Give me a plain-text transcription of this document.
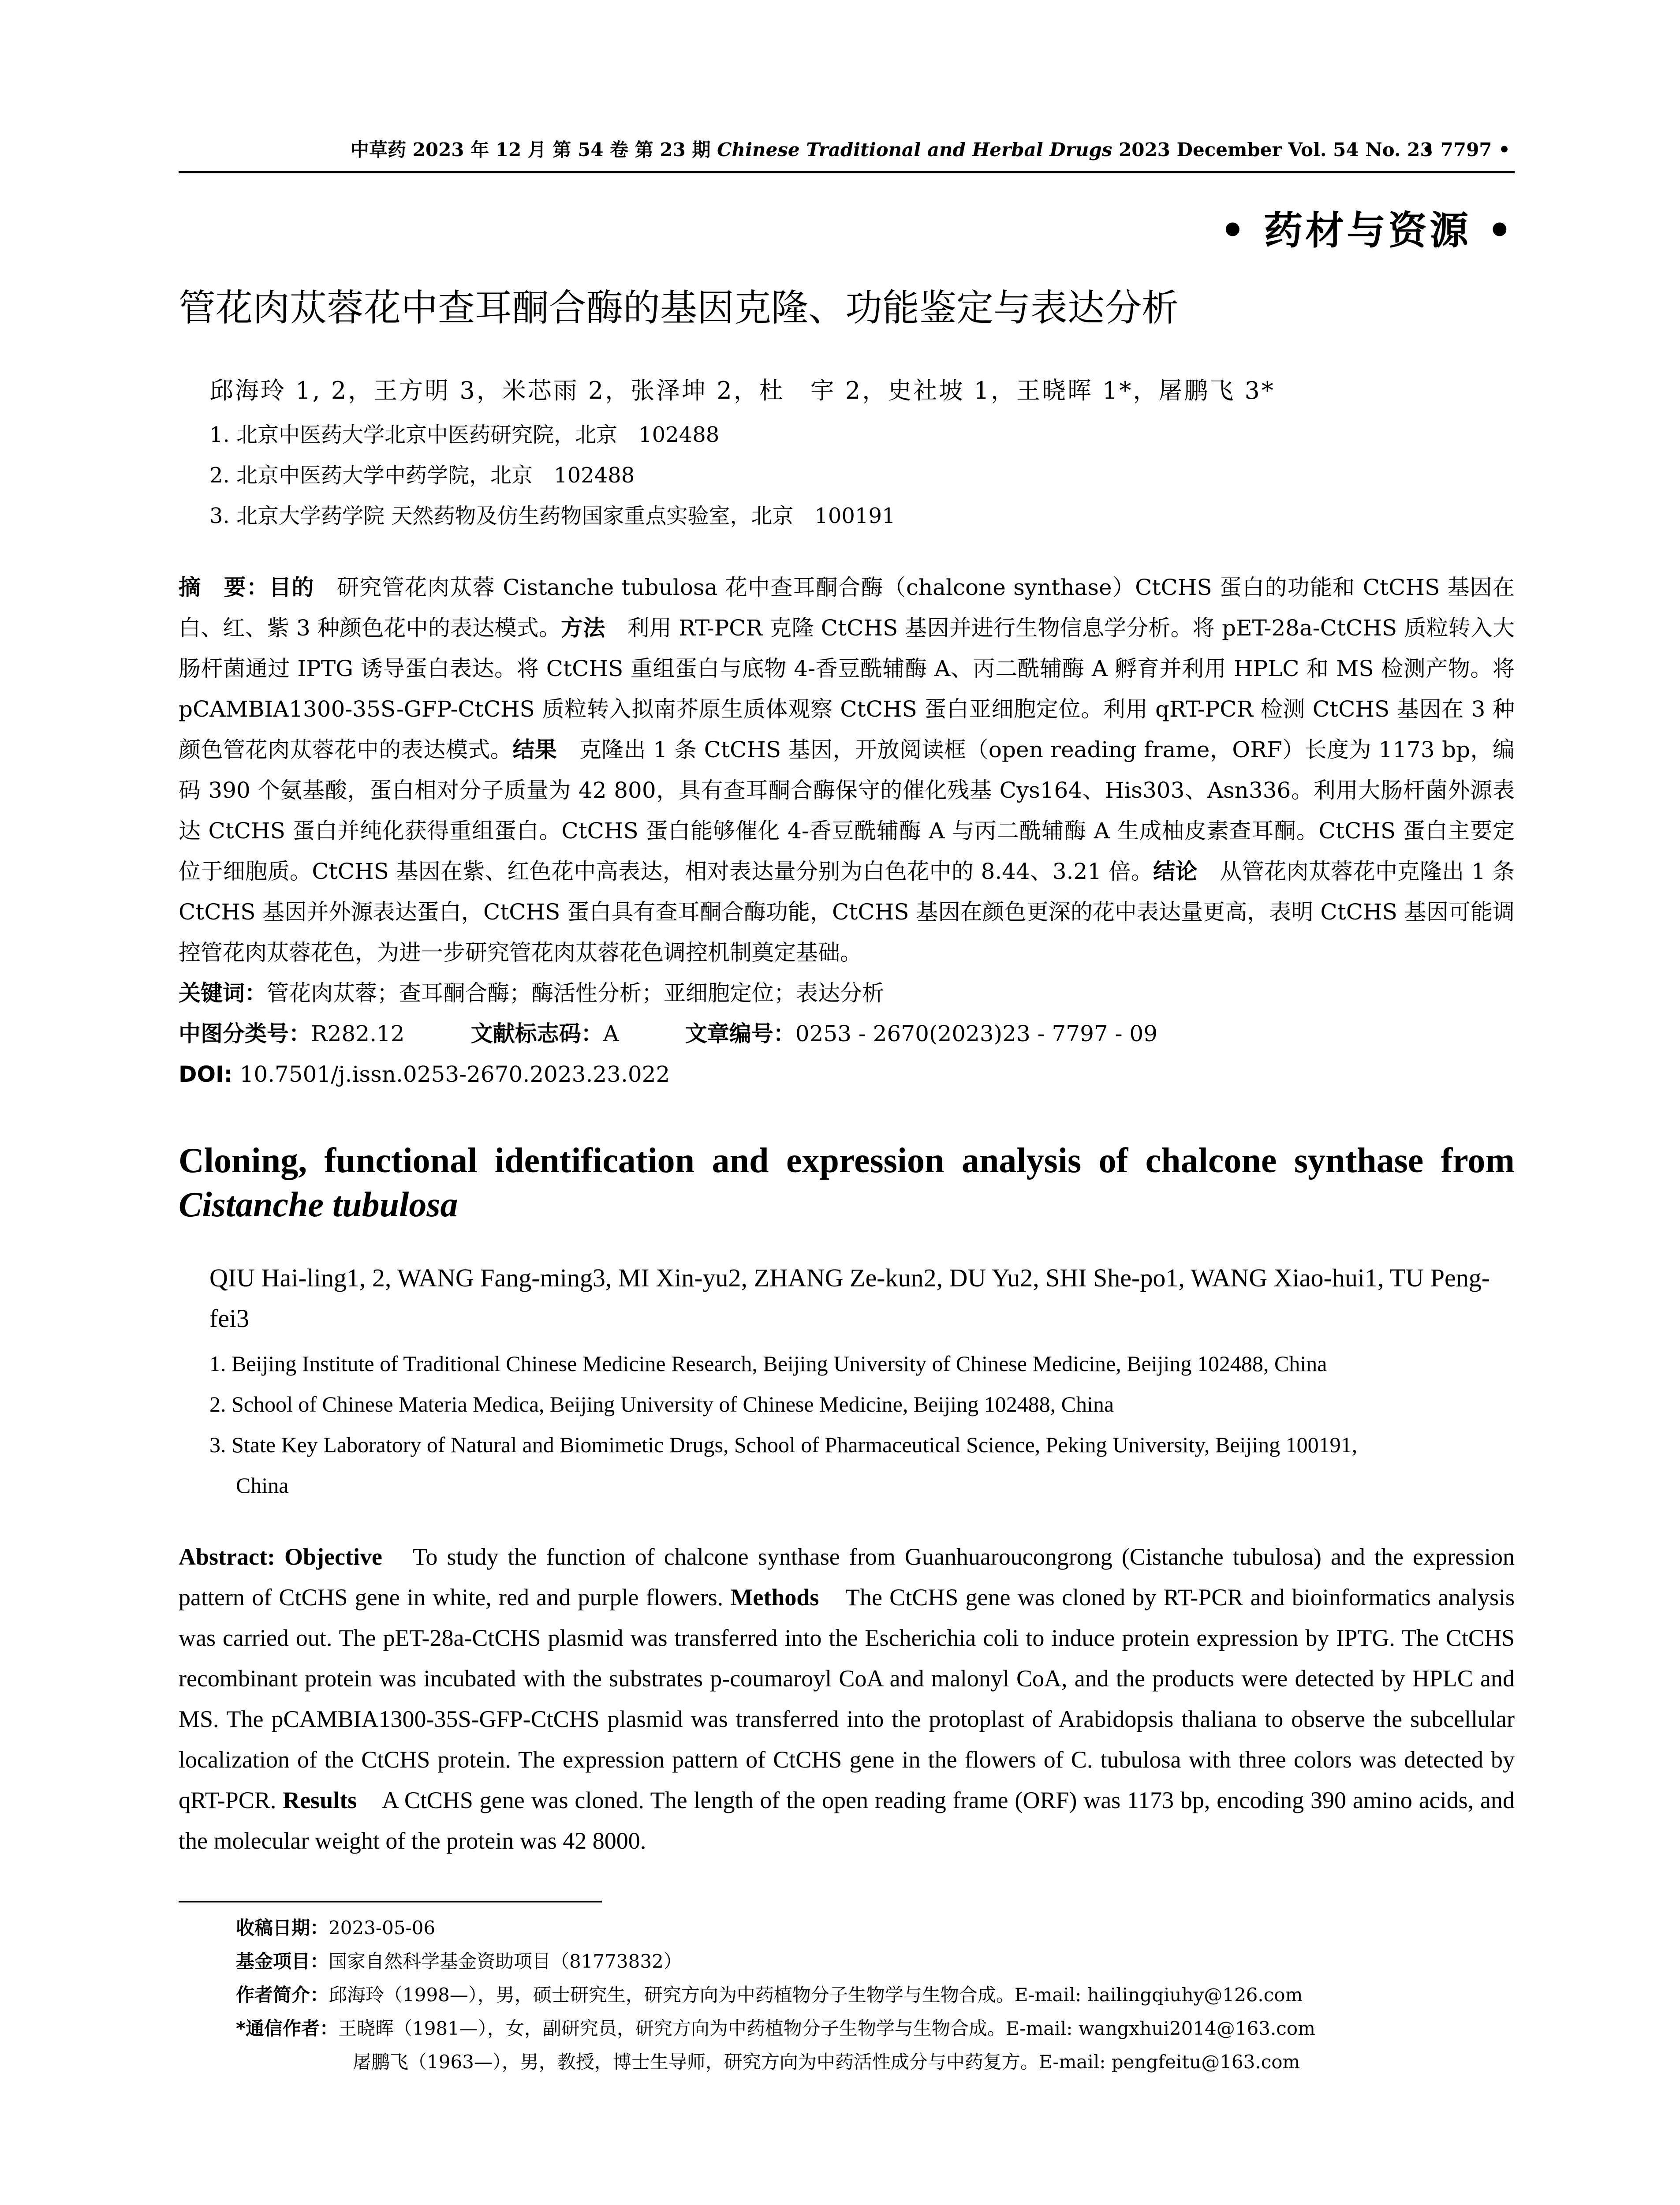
中草药 2023 年 12 月 第 54 卷 第 23 期 Chinese Traditional and Herbal Drugs 2023 December Vol. 54 No. 23
• 7797 •
• 药材与资源 •
管花肉苁蓉花中查耳酮合酶的基因克隆、功能鉴定与表达分析
邱海玲 1, 2，王方明 3，米芯雨 2，张泽坤 2，杜　宇 2，史社坡 1，王晓晖 1*，屠鹏飞 3*
1. 北京中医药大学北京中医药研究院，北京　102488
2. 北京中医药大学中药学院，北京　102488
3. 北京大学药学院 天然药物及仿生药物国家重点实验室，北京　100191
摘　要：目的　研究管花肉苁蓉 Cistanche tubulosa 花中查耳酮合酶（chalcone synthase）CtCHS 蛋白的功能和 CtCHS 基因在白、红、紫 3 种颜色花中的表达模式。方法　利用 RT-PCR 克隆 CtCHS 基因并进行生物信息学分析。将 pET-28a-CtCHS 质粒转入大肠杆菌通过 IPTG 诱导蛋白表达。将 CtCHS 重组蛋白与底物 4-香豆酰辅酶 A、丙二酰辅酶 A 孵育并利用 HPLC 和 MS 检测产物。将 pCAMBIA1300-35S-GFP-CtCHS 质粒转入拟南芥原生质体观察 CtCHS 蛋白亚细胞定位。利用 qRT-PCR 检测 CtCHS 基因在 3 种颜色管花肉苁蓉花中的表达模式。结果　克隆出 1 条 CtCHS 基因，开放阅读框（open reading frame，ORF）长度为 1173 bp，编码 390 个氨基酸，蛋白相对分子质量为 42 800，具有查耳酮合酶保守的催化残基 Cys164、His303、Asn336。利用大肠杆菌外源表达 CtCHS 蛋白并纯化获得重组蛋白。CtCHS 蛋白能够催化 4-香豆酰辅酶 A 与丙二酰辅酶 A 生成柚皮素查耳酮。CtCHS 蛋白主要定位于细胞质。CtCHS 基因在紫、红色花中高表达，相对表达量分别为白色花中的 8.44、3.21 倍。结论　从管花肉苁蓉花中克隆出 1 条 CtCHS 基因并外源表达蛋白，CtCHS 蛋白具有查耳酮合酶功能，CtCHS 基因在颜色更深的花中表达量更高，表明 CtCHS 基因可能调控管花肉苁蓉花色，为进一步研究管花肉苁蓉花色调控机制奠定基础。
关键词：管花肉苁蓉；查耳酮合酶；酶活性分析；亚细胞定位；表达分析
中图分类号：R282.12	文献标志码：A	文章编号：0253 - 2670(2023)23 - 7797 - 09
DOI: 10.7501/j.issn.0253-2670.2023.23.022
Cloning, functional identification and expression analysis of chalcone synthase from Cistanche tubulosa
QIU Hai-ling1, 2, WANG Fang-ming3, MI Xin-yu2, ZHANG Ze-kun2, DU Yu2, SHI She-po1, WANG Xiao-hui1, TU Peng-fei3
1. Beijing Institute of Traditional Chinese Medicine Research, Beijing University of Chinese Medicine, Beijing 102488, China
2. School of Chinese Materia Medica, Beijing University of Chinese Medicine, Beijing 102488, China
3. State Key Laboratory of Natural and Biomimetic Drugs, School of Pharmaceutical Science, Peking University, Beijing 100191,
China
Abstract: Objective　To study the function of chalcone synthase from Guanhuaroucongrong (Cistanche tubulosa) and the expression pattern of CtCHS gene in white, red and purple flowers. Methods　The CtCHS gene was cloned by RT-PCR and bioinformatics analysis was carried out. The pET-28a-CtCHS plasmid was transferred into the Escherichia coli to induce protein expression by IPTG. The CtCHS recombinant protein was incubated with the substrates p-coumaroyl CoA and malonyl CoA, and the products were detected by HPLC and MS. The pCAMBIA1300-35S-GFP-CtCHS plasmid was transferred into the protoplast of Arabidopsis thaliana to observe the subcellular localization of the CtCHS protein. The expression pattern of CtCHS gene in the flowers of C. tubulosa with three colors was detected by qRT-PCR. Results　A CtCHS gene was cloned. The length of the open reading frame (ORF) was 1173 bp, encoding 390 amino acids, and the molecular weight of the protein was 42 8000.
收稿日期：2023-05-06
基金项目：国家自然科学基金资助项目（81773832）
作者简介：邱海玲（1998—），男，硕士研究生，研究方向为中药植物分子生物学与生物合成。E-mail: hailingqiuhy@126.com
*通信作者：王晓晖（1981—），女，副研究员，研究方向为中药植物分子生物学与生物合成。E-mail: wangxhui2014@163.com
屠鹏飞（1963—），男，教授，博士生导师，研究方向为中药活性成分与中药复方。E-mail: pengfeitu@163.com
